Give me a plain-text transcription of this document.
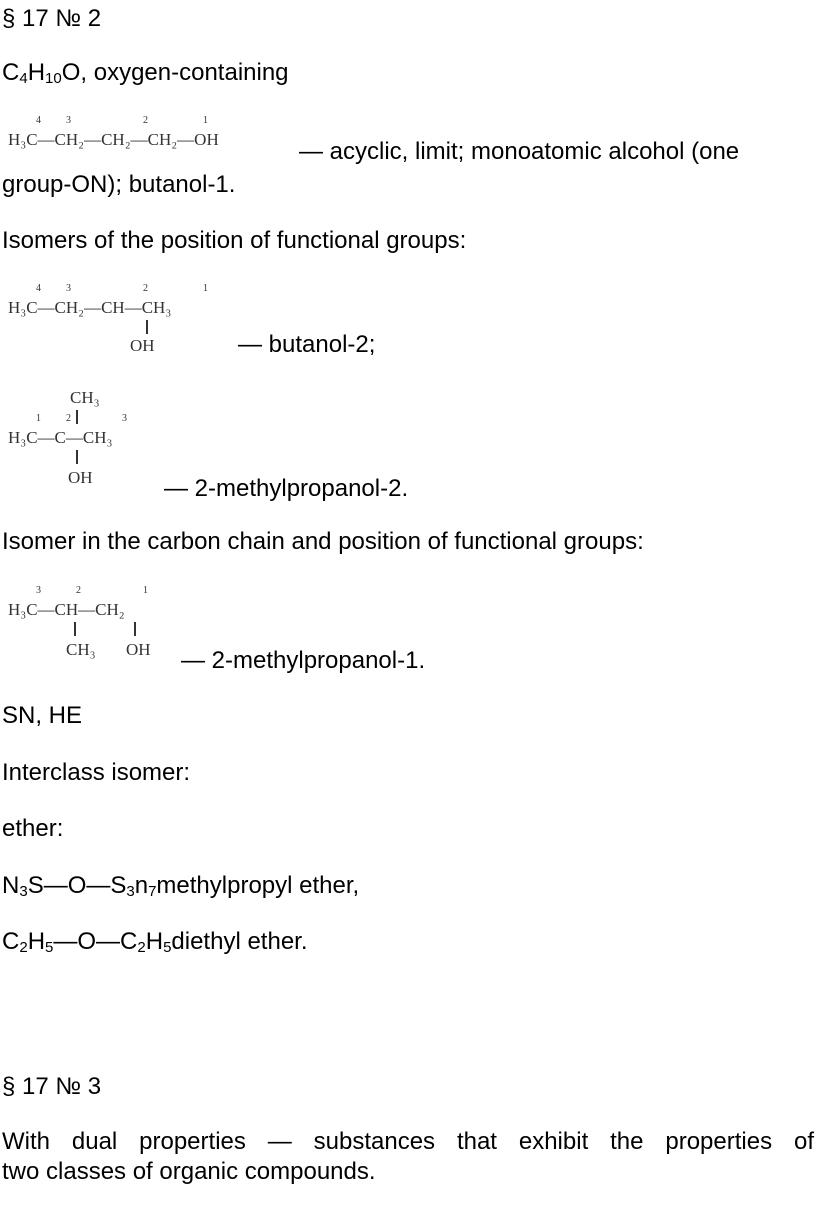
§ 17 № 2
$C_4H_{10}O$, oxygen-containing
4	3	2	1
H₃C—CH₂—CH₂—CH₂—OH	— acyclic, limit; monoatomic alcohol (one
group-ON); butanol-1.
Isomers of the position of functional groups:
4	3	2	1
H₃C—CH₂—CH—CH₃
OH	— butanol-2;
CH₃
1	2	3
H₃C—C—CH₃
OH	— 2-methylpropanol-2.
Isomer in the carbon chain and position of functional groups:
3	2	1
H₃C—CH—CH₂
CH₃ OH — 2-methylpropanol-1.
SN, HE
Interclass isomer:
ether:
$N_3S—O—S_3n_7methylpropyl$ ether,
$C_2H_5—O—C_2H_5diethyl$ ether.
§ 17 № 3
With dual properties — substances that exhibit the properties of
two classes of organic compounds.
